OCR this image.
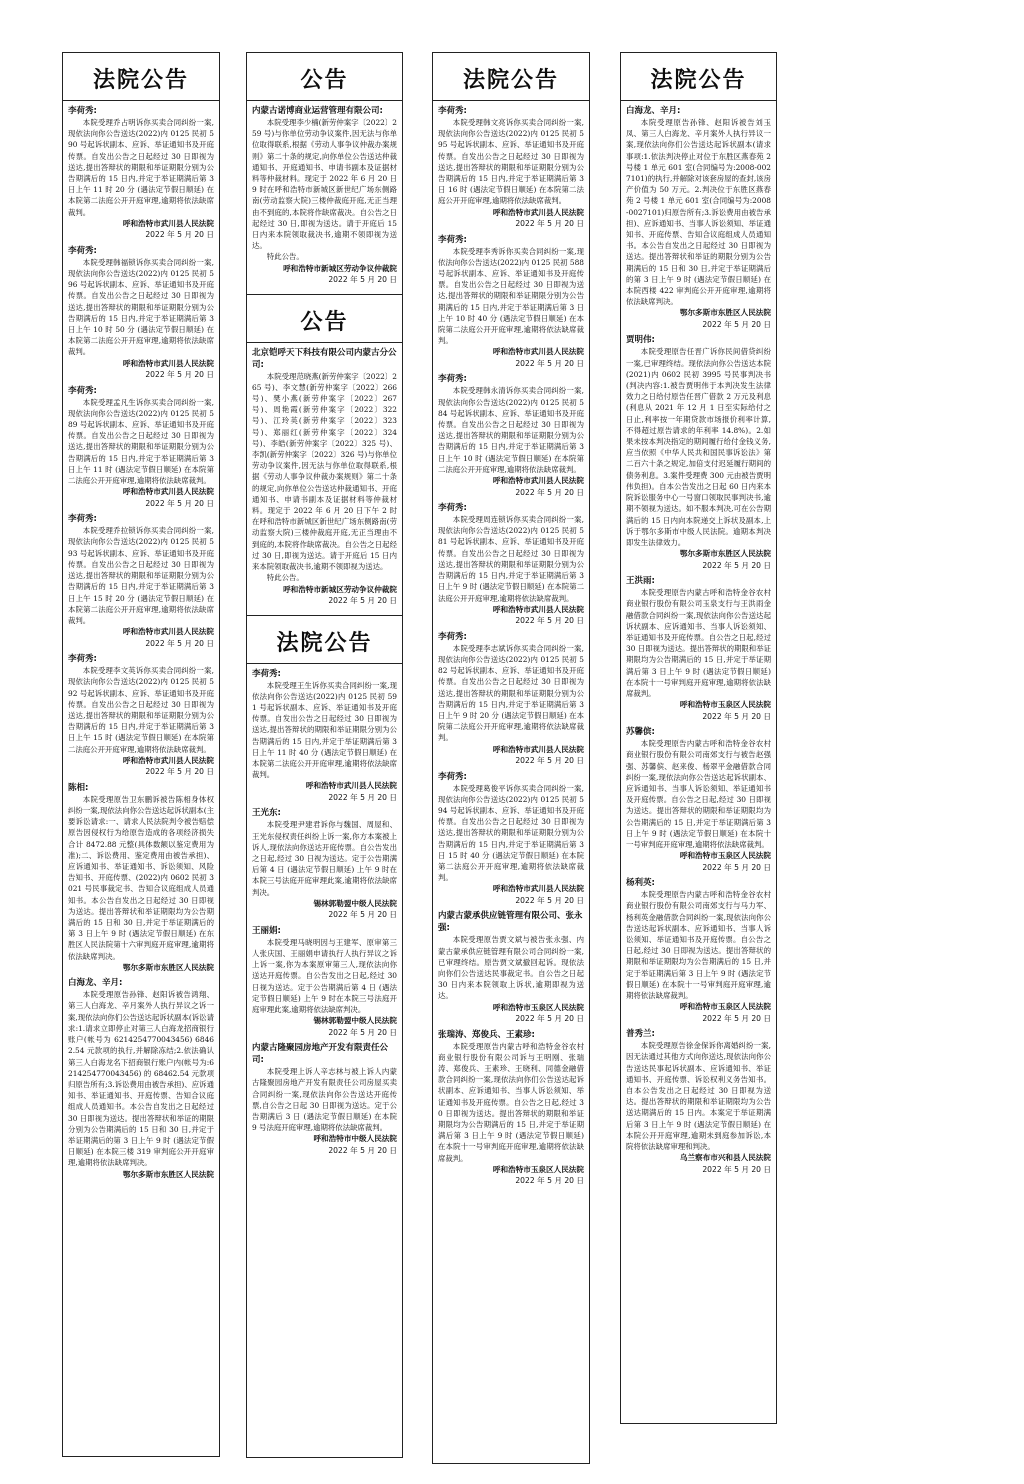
法院公告
李荷秀:
本院受理乔占明诉你买卖合同纠纷一案,现依法向你公告送达(2022)内 0125 民初 590 号起诉状副本、应诉、举证通知书及开庭传票。自发出公告之日起经过 30 日即视为送达,提出答辩状的期限和举证期限分别为公告期满后的 15 日内,并定于举证期满后第 3 日上午 11 时 20 分 (遇法定节假日顺延) 在本院第二法庭公开开庭审理,逾期将依法缺席裁判。
呼和浩特市武川县人民法院
2022 年 5 月 20 日
李荷秀:
本院受理韩福锁诉你买卖合同纠纷一案,现依法向你公告送达(2022)内 0125 民初 596 号起诉状副本、应诉、举证通知书及开庭传票。自发出公告之日起经过 30 日即视为送达,提出答辩状的期限和举证期限分别为公告期满后的 15 日内,并定于举证期满后第 3 日上午 10 时 50 分 (遇法定节假日顺延) 在本院第二法庭公开开庭审理,逾期将依法缺席裁判。
呼和浩特市武川县人民法院
2022 年 5 月 20 日
李荷秀:
本院受理孟凡生诉你买卖合同纠纷一案,现依法向你公告送达(2022)内 0125 民初 589 号起诉状副本、应诉、举证通知书及开庭传票。自发出公告之日起经过 30 日即视为送达,提出答辩状的期限和举证期限分别为公告期满后的 15 日内,并定于举证期满后第 3 日上午 11 时 (遇法定节假日顺延) 在本院第二法庭公开开庭审理,逾期将依法缺席裁判。
呼和浩特市武川县人民法院
2022 年 5 月 20 日
李荷秀:
本院受理乔拉锁诉你买卖合同纠纷一案,现依法向你公告送达(2022)内 0125 民初 593 号起诉状副本、应诉、举证通知书及开庭传票。自发出公告之日起经过 30 日即视为送达,提出答辩状的期限和举证期限分别为公告期满后的 15 日内,并定于举证期满后第 3 日上午 15 时 20 分 (遇法定节假日顺延) 在本院第二法庭公开开庭审理,逾期将依法缺席裁判。
呼和浩特市武川县人民法院
2022 年 5 月 20 日
李荷秀:
本院受理李文英诉你买卖合同纠纷一案,现依法向你公告送达(2022)内 0125 民初 592 号起诉状副本、应诉、举证通知书及开庭传票。自发出公告之日起经过 30 日即视为送达,提出答辩状的期限和举证期限分别为公告期满后的 15 日内,并定于举证期满后第 3 日上午 15 时 (遇法定节假日顺延) 在本院第二法庭公开开庭审理,逾期将依法缺席裁判。
呼和浩特市武川县人民法院
2022 年 5 月 20 日
陈相:
本院受理原告卫东鹏诉被告陈相身体权纠纷一案,现依法向你公告送达起诉状副本(主要诉讼请求:一、请求人民法院判令被告赔偿原告因侵权行为给原告造成的各项经济损失合计 8472.88 元整(具体数额以鉴定费用为准);二、诉讼费用、鉴定费用由被告承担)、应诉通知书、举证通知书、诉讼须知、风险告知书、开庭传票、(2022)内 0602 民初 3021 号民事裁定书、告知合议庭组成人员通知书。本公告自发出之日起经过 30 日即视为送达。提出答辩状和举证期限均为公告期满后的 15 日和 30 日,并定于举证期满后的第 3 日上午 9 时 (遇法定节假日顺延) 在东胜区人民法院第十六审判庭开庭审理,逾期将依法缺席判决。
鄂尔多斯市东胜区人民法院
白海龙、辛月:
本院受理原告孙锋、赵阳诉被告鸿翔、第三人白海龙、辛月案外人执行异议之诉一案,现依法向你们公告送达起诉状副本(诉讼请求:1.请求立即停止对第三人白海龙招商银行账户(帐号为 6214254770043456) 68462.54 元款项的执行,并解除冻结;2.依法确认第三人白海龙名下招商银行账户内(帐号为:6214254770043456) 的 68462.54 元款项归原告所有;3.诉讼费用由被告承担)、应诉通知书、举证通知书、开庭传票、告知合议庭组成人员通知书。本公告自发出之日起经过 30 日即视为送达。提出答辩状和举证的期限分别为公告期满后的 15 日和 30 日,并定于举证期满后的第 3 日上午 9 时 (遇法定节假日顺延) 在本院三楼 319 审判庭公开开庭审理,逾期将依法缺席判决。
鄂尔多斯市东胜区人民法院
公告
内蒙古诺博商业运营管理有限公司:
本院受理李少楠(新劳仲案字〔2022〕259 号)与你单位劳动争议案件,因无法与你单位取得联系,根据《劳动人事争议仲裁办案规则》第二十条的规定,向你单位公告送达仲裁通知书、开庭通知书、申请书副本及证据材料等仲裁材料。现定于 2022 年 6 月 20 日 9 时在呼和浩特市新城区新世纪广场东侧路南(劳动监察大院)三楼仲裁庭开庭,无正当理由不到庭的,本院将作缺席裁决。自公告之日起经过 30 日,即视为送达。请于开庭后 15 日内来本院领取裁决书,逾期不领即视为送达。
特此公告。
呼和浩特市新城区劳动争议仲裁院
2022 年 5 月 20 日
公告
北京铠呼天下科技有限公司内蒙古分公司:
本院受理范晓燕(新劳仲案字〔2022〕265 号)、李文慧(新劳仲案字〔2022〕266 号)、樊小燕(新劳仲案字〔2022〕267 号)、周艳霞(新劳仲案字〔2022〕322 号)、江玲英(新劳仲案字〔2022〕323 号)、郑丽红(新劳仲案字〔2022〕324 号)、李皓(新劳仲案字〔2022〕325 号)、李凯(新劳仲案字〔2022〕326 号)与你单位劳动争议案件,因无法与你单位取得联系,根据《劳动人事争议仲裁办案规则》第二十条的规定,向你单位公告送达仲裁通知书、开庭通知书、申请书副本及证据材料等仲裁材料。现定于 2022 年 6 月 20 日下午 2 时在呼和浩特市新城区新世纪广场东侧路南(劳动监察大院)三楼仲裁庭开庭,无正当理由不到庭的,本院将作缺席裁决。自公告之日起经过 30 日,即视为送达。请于开庭后 15 日内来本院领取裁决书,逾期不领即视为送达。
特此公告。
呼和浩特市新城区劳动争议仲裁院
2022 年 5 月 20 日
法院公告
李荷秀:
本院受理王生诉你买卖合同纠纷一案,现依法向你公告送达(2022)内 0125 民初 591 号起诉状副本、应诉、举证通知书及开庭传票。自发出公告之日起经过 30 日即视为送达,提出答辩状的期限和举证期限分别为公告期满后的 15 日内,并定于举证期满后第 3 日上午 11 时 40 分 (遇法定节假日顺延) 在本院第二法庭公开开庭审理,逾期将依法缺席裁判。
呼和浩特市武川县人民法院
2022 年 5 月 20 日
王光东:
本院受理尹建君诉你与魏国、周屋和、王光东侵权责任纠纷上诉一案,你方本案被上诉人,现依法向你送达开庭传票。自公告发出之日起,经过 30 日视为送达。定于公告期满后第 4 日 (遇法定节假日顺延) 上午 9 时在本院三号法庭开庭审理此案,逾期将依法缺席判决。
锡林郭勒盟中级人民法院
2022 年 5 月 20 日
王丽娟:
本院受理马晓明因与王建军、原审第三人张庆国、王丽娟申请执行人执行异议之诉上诉一案,你为本案原审第三人,现依法向你送达开庭传票。自公告发出之日起,经过 30 日视为送达。定于公告期满后第 4 日 (遇法定节假日顺延) 上午 9 时在本院三号法庭开庭审理此案,逾期将依法缺席判决。
锡林郭勒盟中级人民法院
2022 年 5 月 20 日
内蒙古隆聚园房地产开发有限责任公司:
本院受理上诉人辛志林与被上诉人内蒙古隆聚园房地产开发有限责任公司房屋买卖合同纠纷一案,现依法向你公告送达开庭传票,自公告之日起 30 日即视为送达。定于公告期满后 3 日 (遇法定节假日顺延) 在本院 9 号法庭开庭审理,逾期将依法缺席裁判。
呼和浩特市中级人民法院
2022 年 5 月 20 日
法院公告
李荷秀:
本院受理韩文亮诉你买卖合同纠纷一案,现依法向你公告送达(2022)内 0125 民初 595 号起诉状副本、应诉、举证通知书及开庭传票。自发出公告之日起经过 30 日即视为送达,提出答辩状的期限和举证期限分别为公告期满后的 15 日内,并定于举证期满后第 3 日 16 时 (遇法定节假日顺延) 在本院第二法庭公开开庭审理,逾期将依法缺席裁判。
呼和浩特市武川县人民法院
2022 年 5 月 20 日
李荷秀:
本院受理李秀诉你买卖合同纠纷一案,现依法向你公告送达(2022)内 0125 民初 588 号起诉状副本、应诉、举证通知书及开庭传票。自发出公告之日起经过 30 日即视为送达,提出答辩状的期限和举证期限分别为公告期满后的 15 日内,并定于举证期满后第 3 日上午 10 时 40 分 (遇法定节假日顺延) 在本院第二法庭公开开庭审理,逾期将依法缺席裁判。
呼和浩特市武川县人民法院
2022 年 5 月 20 日
李荷秀:
本院受理韩永清诉你买卖合同纠纷一案,现依法向你公告送达(2022)内 0125 民初 584 号起诉状副本、应诉、举证通知书及开庭传票。自发出公告之日起经过 30 日即视为送达,提出答辩状的期限和举证期限分别为公告期满后的 15 日内,并定于举证期满后第 3 日上午 10 时 (遇法定节假日顺延) 在本院第二法庭公开开庭审理,逾期将依法缺席裁判。
呼和浩特市武川县人民法院
2022 年 5 月 20 日
李荷秀:
本院受理周连锁诉你买卖合同纠纷一案,现依法向你公告送达(2022)内 0125 民初 581 号起诉状副本、应诉、举证通知书及开庭传票。自发出公告之日起经过 30 日即视为送达,提出答辩状的期限和举证期限分别为公告期满后的 15 日内,并定于举证期满后第 3 日上午 9 时 (遇法定节假日顺延) 在本院第二法庭公开开庭审理,逾期将依法缺席裁判。
呼和浩特市武川县人民法院
2022 年 5 月 20 日
李荷秀:
本院受理李志斌诉你买卖合同纠纷一案,现依法向你公告送达(2022)内 0125 民初 582 号起诉状副本、应诉、举证通知书及开庭传票。自发出公告之日起经过 30 日即视为送达,提出答辩状的期限和举证期限分别为公告期满后的 15 日内,并定于举证期满后第 3 日上午 9 时 20 分 (遇法定节假日顺延) 在本院第二法庭公开开庭审理,逾期将依法缺席裁判。
呼和浩特市武川县人民法院
2022 年 5 月 20 日
李荷秀:
本院受理葛俊平诉你买卖合同纠纷一案,现依法向你公告送达(2022)内 0125 民初 594 号起诉状副本、应诉、举证通知书及开庭传票。自发出公告之日起经过 30 日即视为送达,提出答辩状的期限和举证期限分别为公告期满后的 15 日内,并定于举证期满后第 3 日 15 时 40 分 (遇法定节假日顺延) 在本院第二法庭公开开庭审理,逾期将依法缺席裁判。
呼和浩特市武川县人民法院
2022 年 5 月 20 日
内蒙古蒙承供应链管理有限公司、张永强:
本院受理原告贾文斌与被告张永强、内蒙古蒙承供应链管理有限公司合同纠纷一案,已审理终结。原告贾文斌撤回起诉。现依法向你们公告送达民事裁定书。自公告之日起 30 日内来本院领取上诉状,逾期即视为送达。
呼和浩特市玉泉区人民法院
2022 年 5 月 20 日
张瑞涛、郑俊兵、王素珍:
本院受理原告内蒙古呼和浩特金谷农村商业银行股份有限公司诉与王明刚、张瑞涛、郑俊兵、王素珍、王晓利、同德金融借款合同纠纷一案,现依法向你们公告送达起诉状副本、应诉通知书、当事人诉讼须知、举证通知书及开庭传票。自公告之日起,经过 30 日即视为送达。提出答辩状的期限和举证期限均为公告期满后的 15 日,并定于举证期满后第 3 日上午 9 时 (遇法定节假日顺延) 在本院十一号审判庭开庭审理,逾期将依法缺席裁判。
呼和浩特市玉泉区人民法院
2022 年 5 月 20 日
法院公告
白海龙、辛月:
本院受理原告孙锋、赵阳诉被告刘玉凤、第三人白海龙、辛月案外人执行异议一案,现依法向你们公告送达起诉状副本(请求事项:1.依法判决停止对位于东胜区燕春苑 2 号楼 1 单元 601 室(合同编号为:2008-0027101)的执行,并解除对该套房屋的查封,该房产价值为 50 万元。2.判决位于东胜区燕春苑 2 号楼 1 单元 601 室(合同编号为:2008-0027101)归原告所有;3.诉讼费用由被告承担)、应诉通知书、当事人诉讼须知、举证通知书、开庭传票、告知合议庭组成人员通知书。本公告自发出之日起经过 30 日即视为送达。提出答辩状和举证的期限分别为公告期满后的 15 日和 30 日,并定于举证期满后的第 3 日上午 9 时 (遇法定节假日顺延) 在本院西楼 422 审判庭公开开庭审理,逾期将依法缺席判决。
鄂尔多斯市东胜区人民法院
2022 年 5 月 20 日
贾明伟:
本院受理原告任晋广诉你民间借贷纠纷一案,已审理终结。现依法向你公告送达本院(2021)内 0602 民初 3995 号民事判决书(判决内容:1.被告贾明伟于本判决发生法律效力之日给付原告任晋广借款 2 万元及利息(利息从 2021 年 12 月 1 日至实际给付之日止,利率按一年期贷款市场报价利率计算,不得超过原告请求的年利率 14.8%)。2.如果未按本判决指定的期间履行给付金钱义务,应当依照《中华人民共和国民事诉讼法》第二百六十条之规定,加倍支付迟延履行期间的债务利息。3.案件受理费 300 元由被告贾明伟负担)。自本公告发出之日起 60 日内来本院诉讼服务中心一号窗口领取民事判决书,逾期不领视为送达。如不服本判决,可在公告期满后的 15 日内向本院递交上诉状及副本,上诉于鄂尔多斯市中级人民法院。逾期本判决即发生法律效力。
鄂尔多斯市东胜区人民法院
2022 年 5 月 20 日
王洪雨:
本院受理原告内蒙古呼和浩特金谷农村商业银行股份有限公司玉泉支行与王洪雨金融借款合同纠纷一案,现依法向你公告送达起诉状副本、应诉通知书、当事人诉讼须知、举证通知书及开庭传票。自公告之日起,经过 30 日即视为送达。提出答辩状的期限和举证期限均为公告期满后的 15 日,并定于举证期满后第 3 日上午 9 时 (遇法定节假日顺延) 在本院十一号审判庭开庭审理,逾期将依法缺席裁判。
呼和浩特市玉泉区人民法院
2022 年 5 月 20 日
苏馨傧:
本院受理原告内蒙古呼和浩特金谷农村商业银行股份有限公司南郊支行与被告赵强强、苏馨傧、赵来俊、杨翠平金融借款合同纠纷一案,现依法向你公告送达起诉状副本、应诉通知书、当事人诉讼须知、举证通知书及开庭传票。自公告之日起,经过 30 日即视为送达。提出答辩状的期限和举证期限均为公告期满后的 15 日,并定于举证期满后第 3 日上午 9 时 (遇法定节假日顺延) 在本院十一号审判庭开庭审理,逾期将依法缺席裁判。
呼和浩特市玉泉区人民法院
2022 年 5 月 20 日
杨利英:
本院受理原告内蒙古呼和浩特金谷农村商业银行股份有限公司南郊支行与马力军、杨利英金融借款合同纠纷一案,现依法向你公告送达起诉状副本、应诉通知书、当事人诉讼须知、举证通知书及开庭传票。自公告之日起,经过 30 日即视为送达。提出答辩状的期限和举证期限均为公告期满后的 15 日,并定于举证期满后第 3 日上午 9 时 (遇法定节假日顺延) 在本院十一号审判庭开庭审理,逾期将依法缺席裁判。
呼和浩特市玉泉区人民法院
2022 年 5 月 20 日
普秀兰:
本院受理原告徐金保诉你离婚纠纷一案,因无法通过其他方式向你送达,现依法向你公告送达民事起诉状副本、应诉通知书、举证通知书、开庭传票、诉讼权利义务告知书。自本公告发出之日起经过 30 日即视为送达。提出答辩状的期限和举证期限均为公告送达期满后的 15 日内。本案定于举证期满后第 3 日上午 9 时 (遇法定节假日顺延) 在本院公开开庭审理,逾期未到庭参加诉讼,本院将依法缺席审理和判决。
乌兰察布市兴和县人民法院
2022 年 5 月 20 日
